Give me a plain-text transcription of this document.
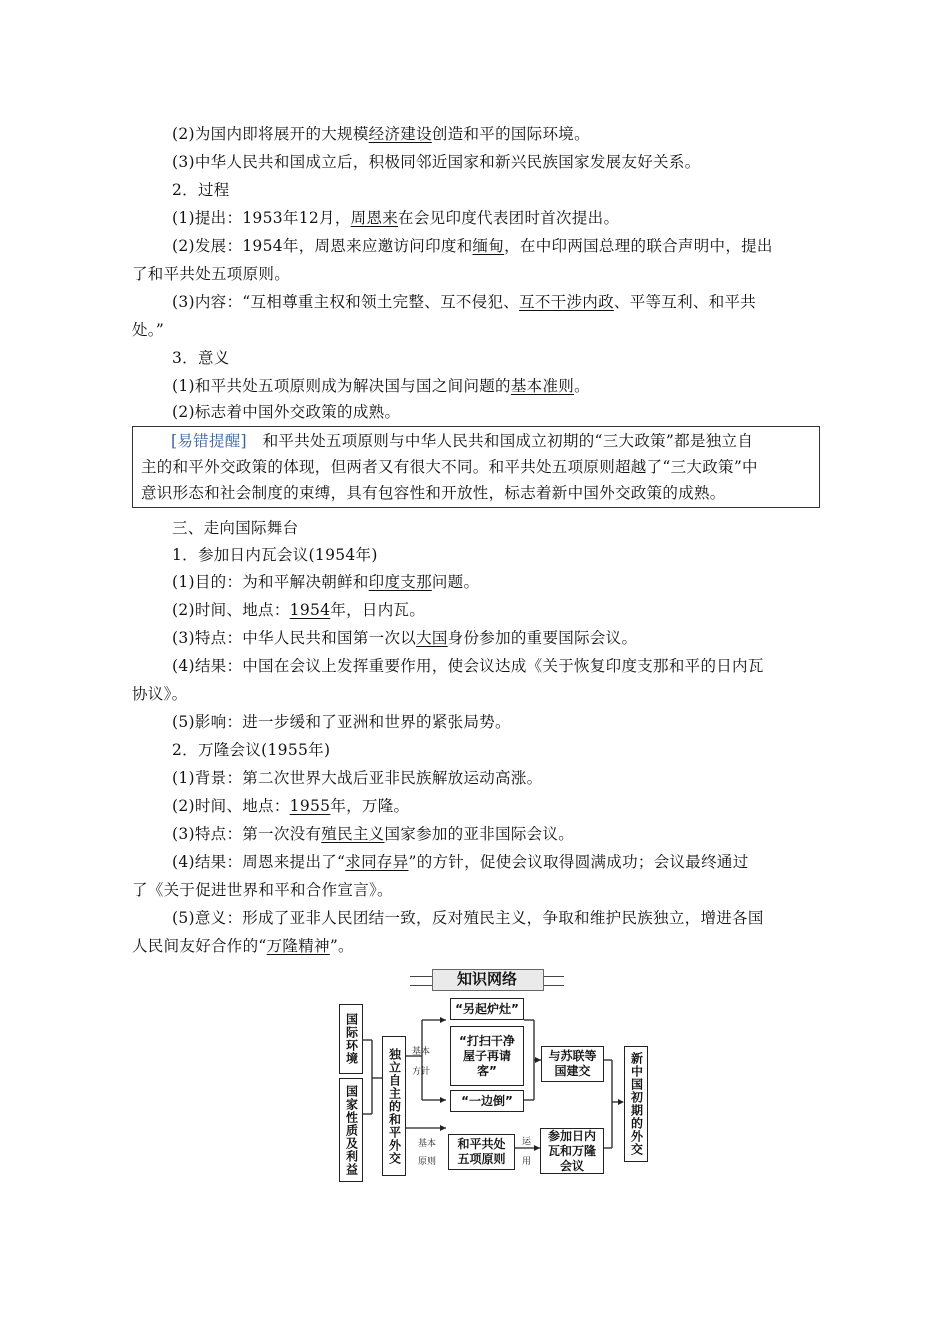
(2)为国内即将展开的大规模经济建设创造和平的国际环境。
(3)中华人民共和国成立后，积极同邻近国家和新兴民族国家发展友好关系。
2．过程
(1)提出：1953年12月，周恩来在会见印度代表团时首次提出。
(2)发展：1954年，周恩来应邀访问印度和缅甸，在中印两国总理的联合声明中，提出
了和平共处五项原则。
(3)内容：“互相尊重主权和领土完整、互不侵犯、互不干涉内政、平等互利、和平共
处。”
3．意义
(1)和平共处五项原则成为解决国与国之间问题的基本准则。
(2)标志着中国外交政策的成熟。
[易错提醒]　和平共处五项原则与中华人民共和国成立初期的“三大政策”都是独立自
主的和平外交政策的体现，但两者又有很大不同。和平共处五项原则超越了“三大政策”中
意识形态和社会制度的束缚，具有包容性和开放性，标志着新中国外交政策的成熟。
三、走向国际舞台
1．参加日内瓦会议(1954年)
(1)目的：为和平解决朝鲜和印度支那问题。
(2)时间、地点：1954年，日内瓦。
(3)特点：中华人民共和国第一次以大国身份参加的重要国际会议。
(4)结果：中国在会议上发挥重要作用，使会议达成《关于恢复印度支那和平的日内瓦
协议》。
(5)影响：进一步缓和了亚洲和世界的紧张局势。
2．万隆会议(1955年)
(1)背景：第二次世界大战后亚非民族解放运动高涨。
(2)时间、地点：1955年，万隆。
(3)特点：第一次没有殖民主义国家参加的亚非国际会议。
(4)结果：周恩来提出了“求同存异”的方针，促使会议取得圆满成功；会议最终通过
了《关于促进世界和平和合作宣言》。
(5)意义：形成了亚非人民团结一致，反对殖民主义，争取和维护民族独立，增进各国
人民间友好合作的“万隆精神”。
知识网络
国际环境
国家性质及利益	独立自主的和平外交	基本
方针
基本
原则
“另起炉灶”
“打扫干净屋子再请客”
“一边倒”
与苏联等国建交
和平共处五项原则
运
用
参加日内瓦和万隆会议
新中国初期的外交
